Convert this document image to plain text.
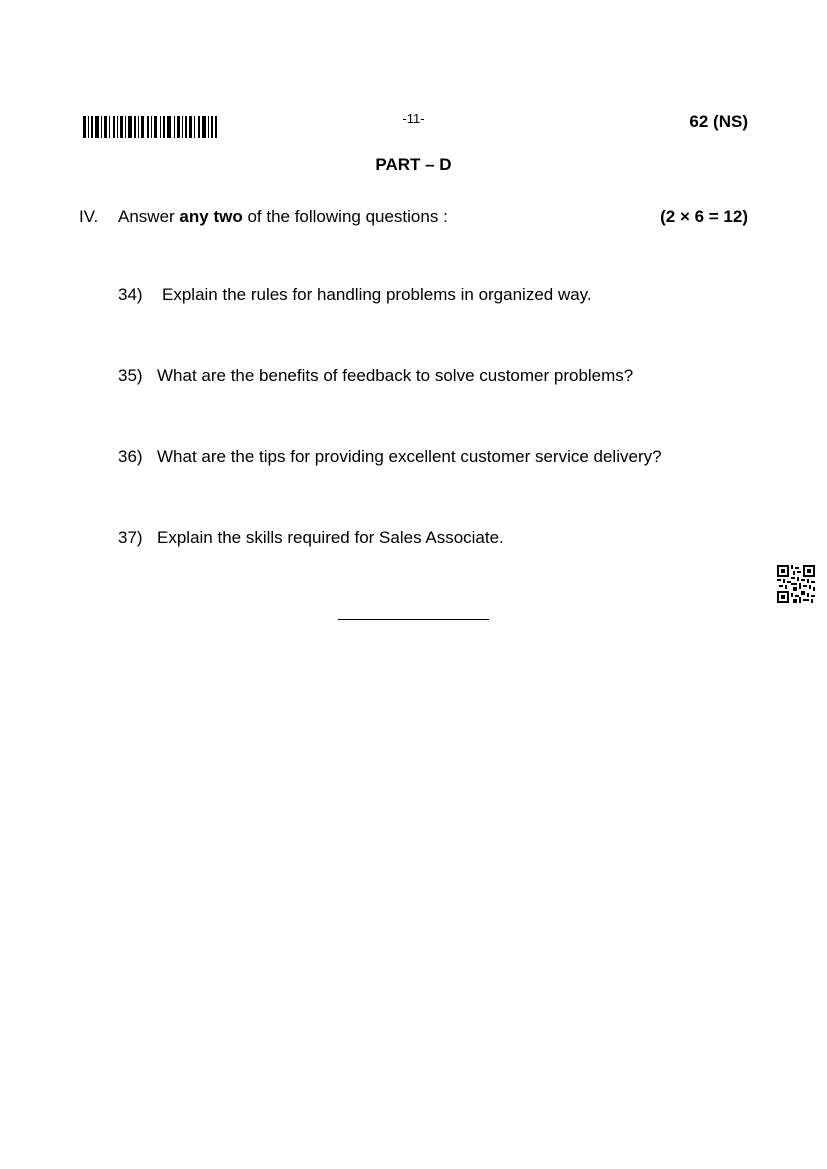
-11-	62 (NS)
PART – D
IV. Answer any two of the following questions :	(2 × 6 = 12)
34) Explain the rules for handling problems in organized way.
35) What are the benefits of feedback to solve customer problems?
36) What are the tips for providing excellent customer service delivery?
37) Explain the skills required for Sales Associate.
